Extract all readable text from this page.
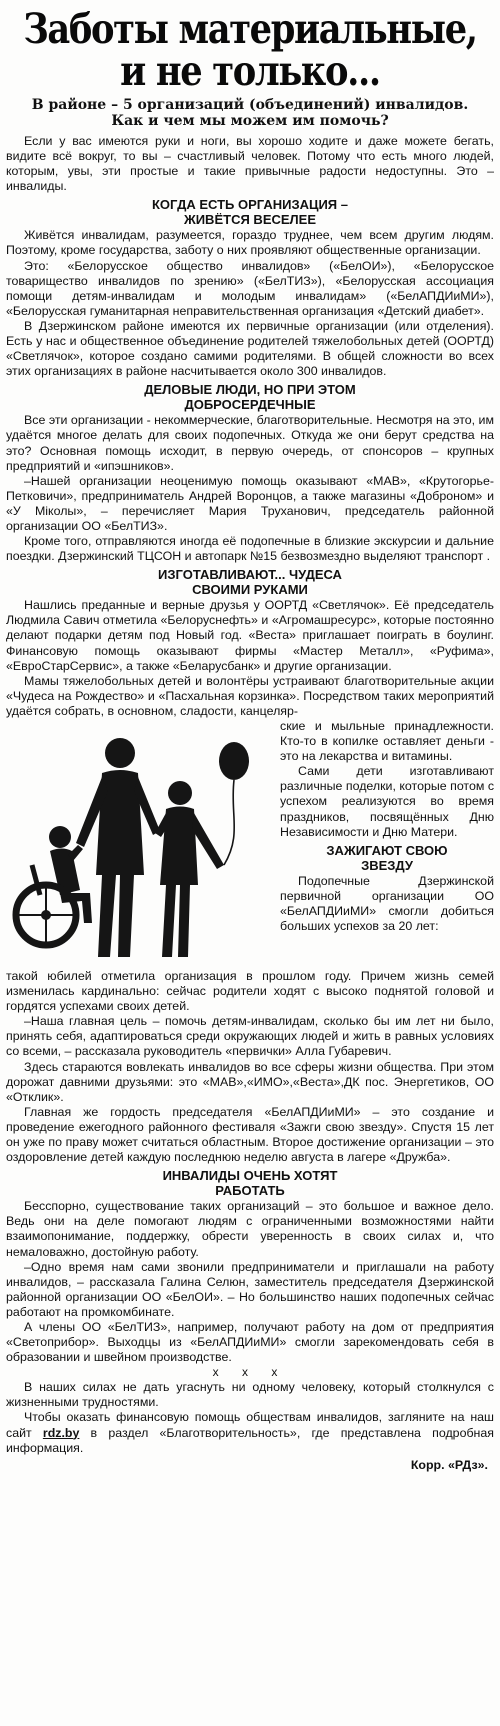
Заботы материальные,
и не только...
В районе – 5 организаций (объединений) инвалидов.
Как и чем мы можем им помочь?

Если у вас имеются руки и ноги, вы хорошо ходите и даже можете бегать, видите всё вокруг, то вы – счастливый человек. Потому что есть много людей, которым, увы, эти простые и такие привычные радости недоступны. Это – инвалиды.

КОГДА ЕСТЬ ОРГАНИЗАЦИЯ –
ЖИВЁТСЯ ВЕСЕЛЕЕ

Живётся инвалидам, разумеется, гораздо труднее, чем всем другим людям. Поэтому, кроме государства, заботу о них проявляют общественные организации.

Это: «Белорусское общество инвалидов» («БелОИ»), «Белорусское товарищество инвалидов по зрению» («БелТИЗ»), «Белорусская ассоциация помощи детям-инвалидам и молодым инвалидам» («БелАПДИиМИ»), «Белорусская гуманитарная неправительственная организация «Детский диабет».

В Дзержинском районе имеются их первичные организации (или отделения). Есть у нас и общественное объединение родителей тяжелобольных детей (ООРТД) «Светлячок», которое создано самими родителями. В общей сложности во всех этих организациях в районе насчитывается около 300 инвалидов.

ДЕЛОВЫЕ ЛЮДИ, НО ПРИ ЭТОМ
ДОБРОСЕРДЕЧНЫЕ

Все эти организации - некоммерческие, благотворительные. Несмотря на это, им удаётся многое делать для своих подопечных. Откуда же они берут средства на это? Основная помощь исходит, в первую очередь, от спонсоров – крупных предприятий и «ипэшников».

–Нашей организации неоценимую помощь оказывают «МАВ», «Крутогорье-Петковичи», предприниматель Андрей Воронцов, а также магазины «Доброном» и «У Міколы», – перечисляет Мария Труханович, председатель районной организации ОО «БелТИЗ».

Кроме того, отправляются иногда её подопечные в близкие экскурсии и дальние поездки. Дзержинский ТЦСОН и автопарк №15 безвозмездно выделяют транспорт .

ИЗГОТАВЛИВАЮТ... ЧУДЕСА
СВОИМИ РУКАМИ

Нашлись преданные и верные друзья у ООРТД «Светлячок». Её председатель Людмила Савич отметила «Белоруснефть» и «Агромашресурс», которые постоянно делают подарки детям под Новый год. «Веста» приглашает поиграть в боулинг. Финансовую помощь оказывают фирмы «Мастер Металл», «Руфима», «ЕвроСтарСервис», а также «Беларусбанк» и другие организации.

Мамы тяжелобольных детей и волонтёры устраивают благотворительные акции «Чудеса на Рождество» и «Пасхальная корзинка». Посредством таких мероприятий удаётся собрать, в основном, сладости, канцеляр-

ские и мыльные принадлежности. Кто-то в копилке оставляет деньги - это на лекарства и витамины.

Сами дети изготавливают различные поделки, которые потом с успехом реализуются во время праздников, посвящённых Дню Независимости и Дню Матери.

ЗАЖИГАЮТ СВОЮ
ЗВЕЗДУ

Подопечные Дзержинской первичной организации ОО «БелАПДИиМИ» смогли добиться больших успехов за 20 лет:

такой юбилей отметила организация в прошлом году. Причем жизнь семей изменилась кардинально: сейчас родители ходят с высоко поднятой головой и гордятся успехами своих детей.

–Наша главная цель – помочь детям-инвалидам, сколько бы им лет ни было, принять себя, адаптироваться среди окружающих людей и жить в равных условиях со всеми, – рассказала руководитель «первички» Алла Губаревич.

Здесь стараются вовлекать инвалидов во все сферы жизни общества. При этом дорожат давними друзьями: это «МАВ»,«ИМО»,«Веста»,ДК пос. Энергетиков, ОО «Отклик».

Главная же гордость председателя «БелАПДИиМИ» – это создание и проведение ежегодного районного фестиваля «Зажги свою звезду». Спустя 15 лет он уже по праву может считаться областным. Второе достижение организации – это оздоровление детей каждую последнюю неделю августа в лагере «Дружба».

ИНВАЛИДЫ ОЧЕНЬ ХОТЯТ
РАБОТАТЬ

Бесспорно, существование таких организаций – это большое и важное дело. Ведь они на деле помогают людям с ограниченными возможностями найти взаимопонимание, поддержку, обрести уверенность в своих силах и, что немаловажно, достойную работу.

–Одно время нам сами звонили предприниматели и приглашали на работу инвалидов, – рассказала Галина Селюн, заместитель председателя Дзержинской районной организации ОО «БелОИ». – Но большинство наших подопечных сейчас работают на промкомбинате.

А члены ОО «БелТИЗ», например, получают работу на дом от предприятия «Светоприбор». Выходцы из «БелАПДИиМИ» смогли зарекомендовать себя в образовании и швейном производстве.

х х х

В наших силах не дать угаснуть ни одному человеку, который столкнулся с жизненными трудностями.

Чтобы оказать финансовую помощь обществам инвалидов, загляните на наш сайт rdz.by в раздел «Благотворительность», где представлена подробная информация.

Корр. «РДз».
